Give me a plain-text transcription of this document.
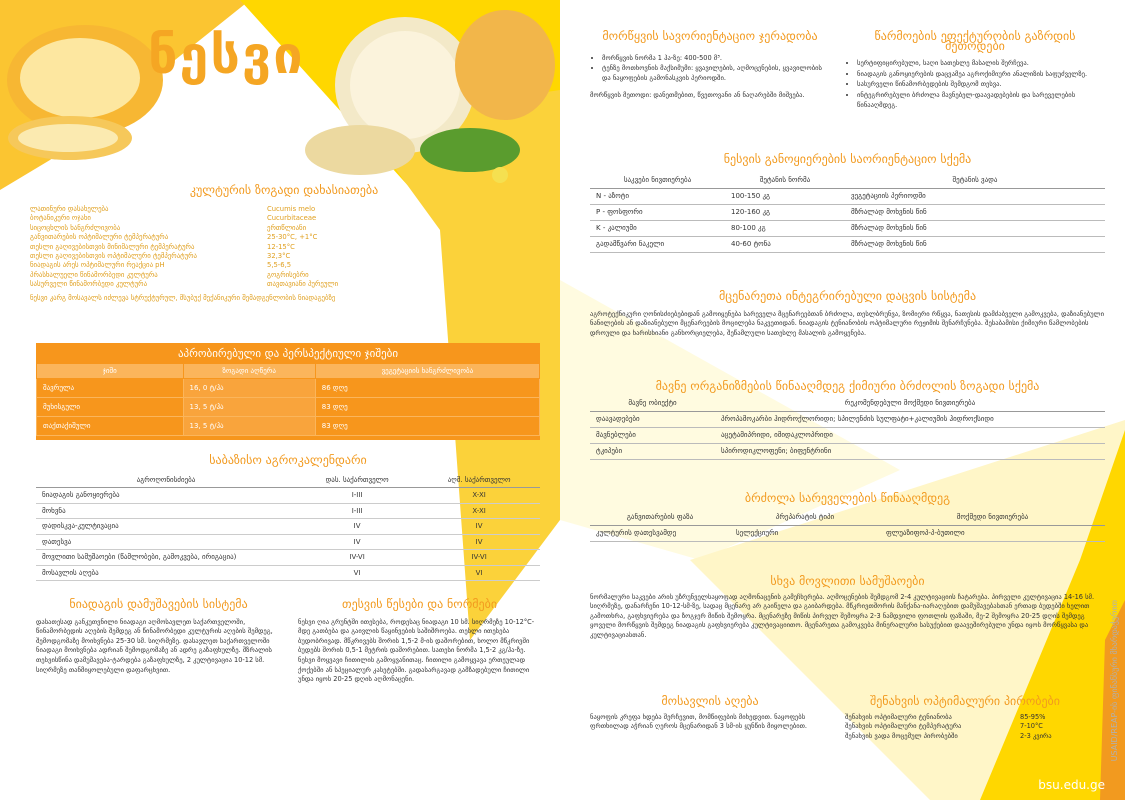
ნესვი
კულტურის ზოგადი დახასიათება
ლათინური დასახელება	Cucumis melo
ბოტანიკური ოჯახი	Cucurbitaceae
სიცოცხლის ხანგრძლივობა	ერთწლიანი
განვითარების ოპტიმალური ტემპერატურა	25-30°C, +1°C
თესლი გაღივებისთვის მინიმალური ტემპერატურა	12-15°C
თესლი გაღივებისთვის ოპტიმალური ტემპერატურა	32,3°C
ნიადაგის არეს ოპტიმალური რეაქცია pH	5,5-6,5
პრასხალუელი წინამორბედი კულტურა	გოგრისებრი
სასურველი წინამორბედი კულტურა	თავთავიანი პურეული
ნესვი კარგ მოსავალს იძლევა სტრუქტურულ, მსუბუქ მექანიკური შემადგენლობის ნიადაგებზე
აპრობირებული და პერსპექტიული ჯიშები
ჯიში	ზოგადი აღწერა	ვეგეტაციის ხანგრძლივობა
შავრულა	16, 0 ტ/ჰა	86 დღე
მუხისგული	13, 5 ტ/ჰა	83 დღე
თაქთაქიშული	13, 5 ტ/ჰა	83 დღე
საბაზისო აგროკალენდარი
აგროღონისძიება	დას. საქართველო	აღმ. საქართველო
ნიადაგის განოყიერება	I-III	X-XI
მოხვნა	I-III	X-XI
დადისკვა-კულტივაცია	IV	IV
დათესვა	IV	IV
მოვლითი სამუშაოები (წამლობები, გამოკვება, ირიგაცია)	IV-VI	IV-VI
მოსავლის აღება	VI	VI
ნიადაგის დამუშავების სისტემა
დასათესად განკუთვნილი ნიადაგი აღმოსავლეთ საქართველოში, წინამორბედის აღების შემდეგ ან წინამორბედი კულტურის აღების შემდეგ, შემოდგომაზე მოიხვნება 25-30 სმ. სიღრმეზე. დასავლეთ საქართველოში ნიადაგი მოიხვნება ადრიან შემოდგომაზე ან ადრე გაზაფხულზე. შზრალის თესვისწინა დამუშავება-ტარდება გაზაფხულზე, 2 კულტივაცია 10-12 სმ. სიღრმეზე თანმიყოლებული დაფარცხვით.
თესვის წესები და ნორმები
ნესვი ღია გრუნტში ითესება, როდესაც ნიადაგი 10 სმ. სიღრმეზე 10-12°C-მდე გათბება და გაივლის წაყინვების საშიშროება. თესლი ითესება ბუდობრივად. მწკრივებს შორის 1,5-2 მ-ის დაშორებით, ხოლო მწკრივში ბუდებს შორის 0,5-1 მეტრის დაშორებით. სათესი ნორმა 1,5-2 კგ/ჰა-ზე. ნესვი მოყვავი ჩითილის გამოყვანითაც. ჩითილი გამოყვავა ერთეულად ქოქებში ან სპეციალურ კასეტებში. გადასარგავად გამზადებული ჩითილი უნდა იყოს 20-25 დღის აღმონაცენი.
მორწყვის სავორიენტაციო ჯერადობა
• მორწყვის ნორმა 1 ჰა-ზე: 400-500 მ³.
• ტენზე მოთხოვნის მაქსიმუმი: ყვავილების, აღმოცენების, ყვავილობის და ნაყოფების გამონასკვის პერიოდში.
მორწყვის მეთოდი: დანეთმებით, წვეთოვანი ან ნაღარებში მიშვება.
წარმოების ეფექტურობის გაზრდის მეთოდები
• სერტიფიცირებული, საღი სათესლე მასალის შერჩევა.
• ნიადაგის განოყიერების დაცვამეა აგროქიმიური ანალიზის საფუძველზე.
• სასურველი წინამორბედების შემდგომ თესვა.
• ინტეგრირებული ბრძოლა მავნებელ-დაავადებების და სარეველების წინააღმდეგ.
ნესვის განოყიერების საორიენტაციო სქემა
საკვები ნივთიერება	შეტანის ნორმა	შეტანის ვადა
N - აზოტი	100-150 კგ	ვეგეტაციის პერიოდში
P - ფოსფორი	120-160 კგ	მზრალად მოხვნის წინ
K - კალიუმი	80-100 კგ	მზრალად მოხვნის წინ
გადამწვარი ნაკელი	40-60 ტონა	მზრალად მოხვნის წინ
მცენარეთა ინტეგრირებული დაცვის სისტემა
აგროტექნიკური ღონისძიებებიდან გამოიყენება სარეველა მცენარეებთან ბრძოლა, თესლბრუნვა, ზომიერი რწყვა, ნათესის დამძაბველი გამოკვება, დაზიანებული ნანილების ან დაზიანებული მცენარეების მოცილება ნაკვეთიდან. ნიადაგის ტენიანობის ოპტიმალური რეჟიმის შენარჩუნება. შესაბამისი ქიმიური წამლობების დროული და ხარისხიანი განხორციელება, შეწამლული სათესლე მასალის გამოყენება.
მავნე ორგანიზმების წინააღმდეგ ქიმიური ბრძოლის ზოგადი სქემა
მავნე ობიექტი	რეკომენდებული მოქმედი ნივთიერება
დაავადებები	პროპამოკარბი ჰიდროქლორიდი; სპილენძის სულფატი+კალიუმის ჰიდროქსიდი
მავნებლები	აცეტამიპრიდი, იმიდაკლოპრიდი
ტკიპები	სპიროდიკლოფენი; ბიფენტრინი
ბრძოლა სარეველების წინააღმდეგ
განვითარების ფაზა	პრეპარატის ტიპი	მოქმედი ნივთიერება
კულტურის დათესვამდე	სელექციური	ფლუაზიფოპ-პ-ბუთილი
სხვა მოვლითი სამუშაოები
ნორმალური საკვები არის უზრუნველსაყოფად აღმონაცენის გამეჩხერება. აღმოცენების შემდგომ 2-4 კულტივაციის ჩატარება. პირველი კულტივაცია 14-16 სმ. სიღრმეზე, დანარჩენი 10-12-სმ-ზე, სადაც მცენარე არ გაიწელა და გაიბარდება. მწკრივთშორის მანქანა-იარაღებით დამუშავებასთან ერთად ბუდებში ხელით გამოთხრა, გაფხვიერება და ზოგჯერ მიწის შემოყრა. მცენარეზე მიწის პირველ შემოყრა 2-3 ნამდვილი ფოთლის ფაზაში, მე-2 შემოყრა 20-25 დღის შემდეგ ყოველი მორწყვის შემდეგ ნიადაგის გაფხვიერება კულტივაციითო. მცენარეთა გამოკვება მინერალური სასუქებით დაავეშირებული უნდა იყოს მორწყვასა და კულტივაციასთან.
მოსავლის აღება
ნაყოფის კრეფა ხდება შერჩევით, მომწიფების მიხედვით. ნაყოფებს ფრთხილად აჭრიან ღეროს მცენარიდან 3 სმ-ის ყუნწის მიყოლებით.
შენახვის ოპტიმალური პირობები
შენახვის ოპტიმალური ტენიანობა	85-95%
შენახვის ოპტიმალური ტემპერატურა	7-10°C
შენახვის ვადა მოცემულ პირობებში	2-3 კვირა	USAID/REAP-ის ფინანსური მხარდაჭერით
bsu.edu.ge
